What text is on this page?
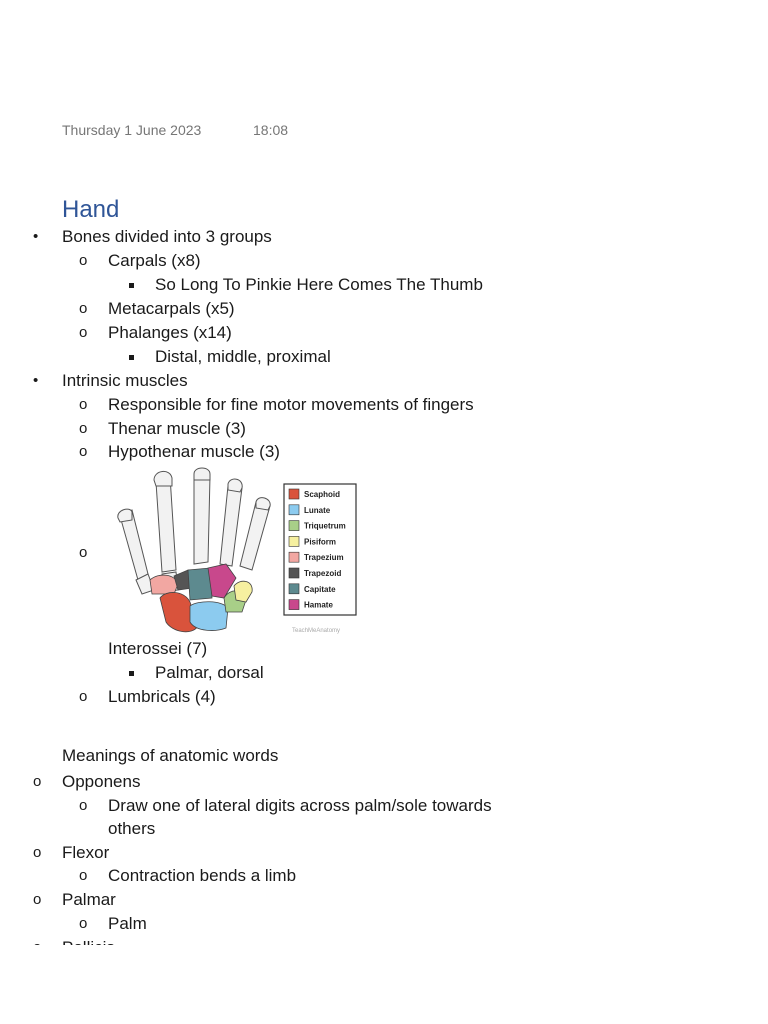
Thursday 1 June 2023	18:08
Hand
• Bones divided into 3 groups
o Carpals (x8)
So Long To Pinkie Here Comes The Thumb
o Metacarpals (x5)
o Phalanges (x14)
Distal, middle, proximal
• Intrinsic muscles
o Responsible for fine motor movements of fingers
o Thenar muscle (3)
o Hypothenar muscle (3)
o
Scaphoid
Lunate
Triquetrum
Pisiform
Trapezium
Trapezoid
Capitate
Hamate
TeachMeAnatomy
Interossei (7)
Palmar, dorsal
o Lumbricals (4)
Meanings of anatomic words
o Opponens
o Draw one of lateral digits across palm/sole towards
others
o Flexor
o Contraction bends a limb
o Palmar
o Palm
